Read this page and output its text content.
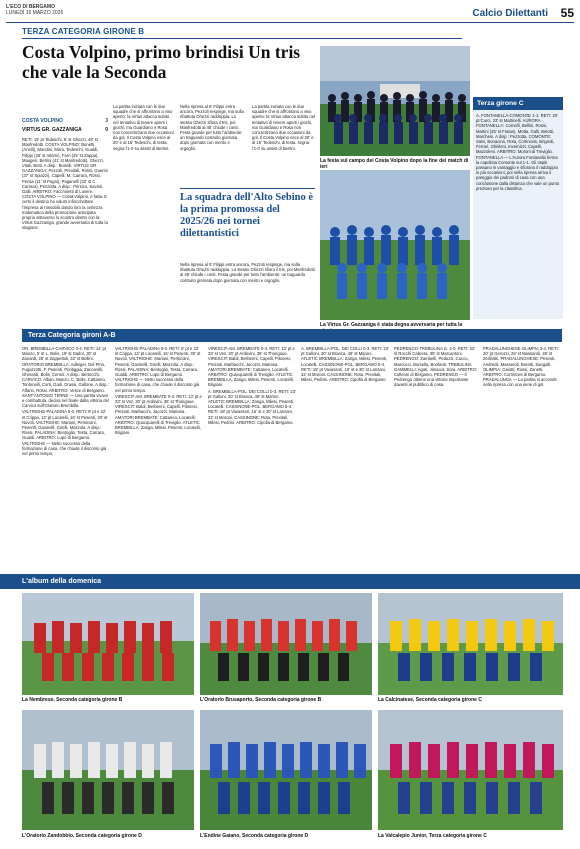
L'ECO DI BERGAMO
LUNEDÌ 16 MARZO 2026	Calcio Dilettanti 55
TERZA CATEGORIA GIRONE B
Costa Volpino, primo brindisi Un tris che vale la Seconda
COSTA VOLPINO	3
VIRTUS GR. GAZZANIGA	0

RETI: 15' pt Tedeschi, 8' st Ghezzi, 48' st Manfredotti. COSTA VOLPINO: Bonetti (Anelli), Mondini, Mirra, Tedeschi, Gualdi, Filippi (26' st Interni), Ferri (25' st Zappa), Maugeri, Bertini (41' st Manfredotti), Ghezzi, Vitali, Botti. A disp.: Bonelli. VIRTUS GR. GAZZANIGA: Pezzoli, Previtali, Rossi, Guerini (37' st Spiazzi), Capelli, M. Carrara, Rossi, Pensa (11' st Pugni), Paganelli (32' st C. Carrara), Pezzotta. A disp.: Persico, Saviori, Galli. ARBITRO: Facchinetti di Lovere. COSTA VOLPINO — Costa Volpino, è fatta. E certo il destino ha voluto infiocchettare l'impresa ai rossoblù dando loro la certezza matematica della promozione anticipata proprio attraverso lo scontro diretto con la Virtus Gazzaniga, grande avversaria di tutta la stagione.

La partita iniziata con le due squadre che si affrontano a viso aperto: la Virtus attacca subito nel tentativo di tenere aperti i giochi, ma Guardiano e Rosa non concretizzano due occasioni da gol. Il Costa Volpino esce al 20' e al 15' Tedeschi, di testa, segna l'1-0 su assist di Bertini.

Nella ripresa al 8' Filippi entra ancora, Pezzoli respinge, ma sulla ribattuta Ghezzi raddoppia. Lo stesso Ghezzi sfiora il tris, poi Manfredotti al 48' chiude i conti. Festa grande per tutto l'ambiente: un traguardo costruito giornata dopo giornata con merito e orgoglio.

La partita iniziata con le due squadre che si affrontano a viso aperto: la Virtus attacca subito nel tentativo di tenere aperti i giochi, ma Guardiano e Rosa non concretizzano due occasioni da gol. Il Costa Volpino esce al 20' e al 15' Tedeschi, di testa, segna l'1-0 su assist di Bertini.

La squadra dell'Alto Sebino è la prima promossa del 2025/26 nei tornei dilettantistici

Nella ripresa al 8' Filippi entra ancora, Pezzoli respinge, ma sulla ribattuta Ghezzi raddoppia. Lo stesso Ghezzi sfiora il tris, poi Manfredotti al 48' chiude i conti. Festa grande per tutto l'ambiente: un traguardo costruito giornata dopo giornata con merito e orgoglio.

La festa sul campo dei Costa Volpino dopo la fine dei match di ieri
La Virtus Gr. Gazzaniga è stata degna avversaria per tutta la
Terza girone C
A. FONTANELLA-COMONTE 1-1. RETI: 20' pt Curci, 33' st Martinelli. AURORA FONTANELLA: Cornelli, Bellini, Rossi, Martini (25' st Fratus), Motta, Galli, Belotti, Marchesi. A disp.: Pezzotta. COMONTE: Salvi, Bonacina, Rota, Cortinovis, Brignoli, Ferrari, Ghisleni, Invernizzi, Capelli, Mazzoleni. ARBITRO: Moroni di Treviglio. FONTANELLA — L'Aurora Fontanella ferma la capolista Comonte sul 1-1. Gli ospiti passano in vantaggio e sfiorano il raddoppio in più occasioni, poi nella ripresa arriva il pareggio dei padroni di casa con una conclusione dalla distanza che vale un punto prezioso per la classifica.
Terza Categoria gironi A-B

OR. BREMBILLA-CARVICO 3-4. RETI: 14' pt Manzo, 5' st L. Bolis, 19' st Dador, 30' st Zanardi, 28' st Zappettoli, 33' st Bellini. ORATORIO BREMBILLA: Adleiger, Del Pino, Fugazzotti, F. Pesenti, Pontiggia, Zaccarelli, Gherardi, Bolis, Ceroni. A disp.: Bertocchi. CARVICO: Alban, Manzo, C. Bolis, Cattaneo, Tontonelli, Corti, Gaiti, Grassi, Gallone. A disp.: Alfano, Rossi. ARBITRO: Vesce di Bergamo. SANT'ANTONIO TERNE — Una partita vivace e combattuta, decisa nel finale dalla vittoria del Carvico sull'Oratorio Brembilla.

VALTRIGHE-PALADINA 5-0. RETI: 6' pt e 22' st Crippa, 13' pt Locatelli, 16' st Pesenti, 30' st Nuvoli. VALTRIGHE: Mariani, Persicoini, Pesenti, Gavinelli, Girelli, Mazzola. A disp.: Rossi. PALADINA: Bentoglio, Testa, Carrara, Gualdi. ARBITRO: Lupo di Bergamo. VALTRIGHE — Netto successo della formazione di casa, che chiude il discorso già nel primo tempo.

VALTRIGHE-PALADINA 5-0. RETI: 6' pt e 22' st Crippa, 13' pt Locatelli, 16' st Pesenti, 30' st Nuvoli. VALTRIGHE: Mariani, Persicoini, Pesenti, Gavinelli, Girelli, Mazzola. A disp.: Rossi. PALADINA: Bentoglio, Testa, Carrara, Gualdi. ARBITRO: Lupo di Bergamo. VALTRIGHE — Netto successo della formazione di casa, che chiude il discorso già nel primo tempo.

VIRESCIT-AM. BREMBATE 0-4. RETI: 13' pt e 33' st Vez, 20' pt Ardovini, 35' st Thongoue. VIRESCIT: Baldi, Berbenni, Capelli, Pilonesi, Preziati, Marbacchi, Jacozzi, Mariana. AMATORI BREMBATE: Cattaneo, Locatelli. ARBITRO: Quacquarelli di Treviglio. ATLETIC BREMBILLA: Zanga, Milesi, Pesenti, Locatelli, Brigiani.

VIRESCIT-AM. BREMBATE 0-4. RETI: 13' pt e 33' st Vez, 20' pt Ardovini, 35' st Thongoue. VIRESCIT: Baldi, Berbenni, Capelli, Pilonesi, Preziati, Marbacchi, Jacozzi, Mariana. AMATORI BREMBATE: Cattaneo, Locatelli. ARBITRO: Quacquarelli di Treviglio. ATLETIC BREMBILLA: Zanga, Milesi, Pesenti, Locatelli, Brigiani.

A. BREMBILLA-POL. DEI COLLI 0-3. RETI: 23' pt Galloni, 30' st Branca, 49' st Marino. ATLETIC BREMBILLA: Zanga, Milesi, Pesenti, Locatelli. CASSINONE-POL. BERGAMO 5-4. RETI: 18' pt Vavassori, 16' st e 30' st Lanzani, 32' st Moroni. CASSINONE: Rota, Previtali, Milesi, Pedrini. ARBITRO: Cipolla di Bergamo.

A. BREMBILLA-POL. DEI COLLI 0-3. RETI: 23' pt Galloni, 30' st Branca, 49' st Marino. ATLETIC BREMBILLA: Zanga, Milesi, Pesenti, Locatelli. CASSINONE-POL. BERGAMO 5-4. RETI: 18' pt Vavassori, 16' st e 30' st Lanzani, 32' st Moroni. CASSINONE: Rota, Previtali, Milesi, Pedrini. ARBITRO: Cipolla di Bergamo.

PEDRENGO-TREBULINA G. 2-0. RETI: 22' st Rocchi Cabrera, 38' st Marcantoni. PEDRENGO: Zambelli, Peduzzi, Cucco, Marcucci, Borsella, Bonfanti. TREBULINA GAMMELLI: Agati, Jimacut, Sora. ARBITRO: Colleoni di Bergamo. PEDRENGO — Il Pedrengo ottiene una vittoria importante davanti al pubblico di casa.

PRADALUNGHESE-OLIMPIA 3-4. RETI: 20' pt Gerozzi, 28' st Massaroli, 49' st Zeilinski. PRADALUNGHESE: Pesenti, Andreoli, Masseroli, Beretti, Sangalli. OLIMPIA: Gaiotti, Rossi, Zanetti. ARBITRO: Cortinovis di Bergamo. PRADALUNGA — La partita si accende nella ripresa con una serie di gol.

L'album della domenica
La Nembrese, Seconda categoria girone B	L'Oratorio Brusaporto, Seconda categoria girone B	La Calcinatese, Seconda categoria girone C
L'Oratorio Zandobbio, Seconda categoria girone D	L'Endine Gaiano, Seconda categoria girone D	La Valcalepio Junior, Terza categoria girone C
